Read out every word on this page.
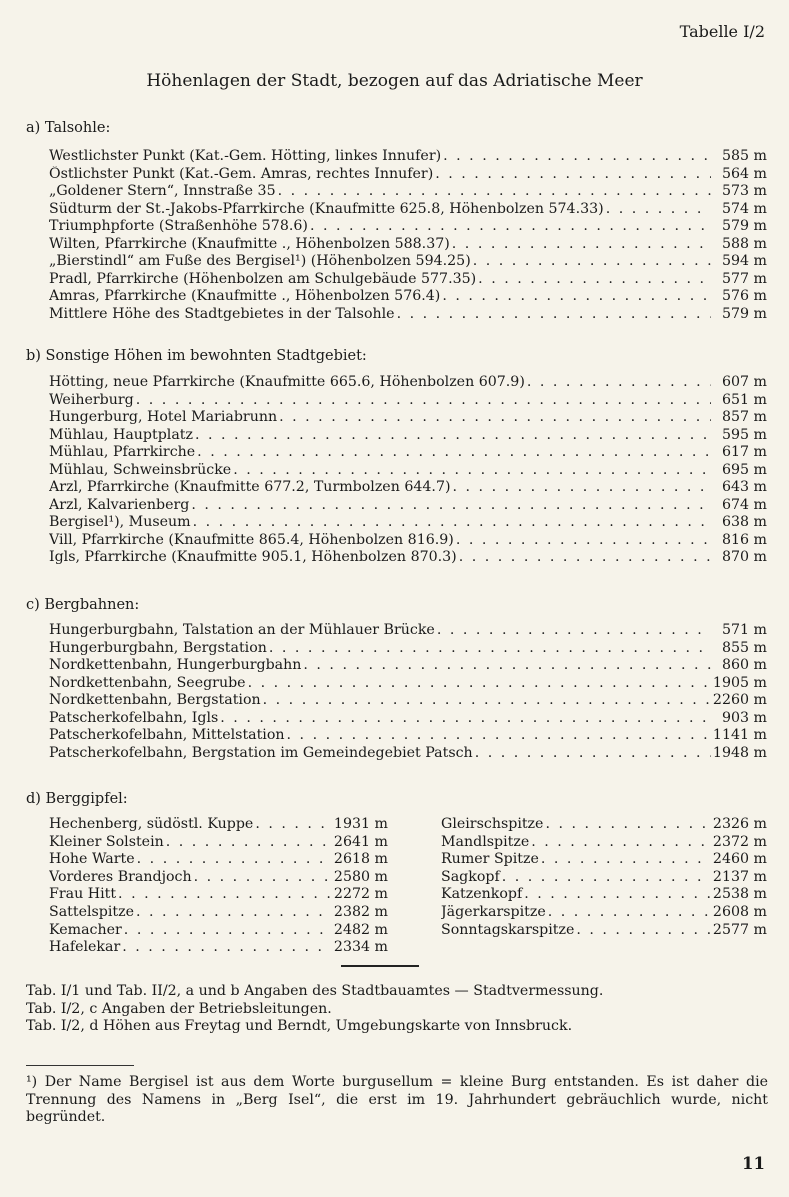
Tabelle I/2
Höhenlagen der Stadt, bezogen auf das Adriatische Meer
a) Talsohle:
Westlichster Punkt (Kat.-Gem. Hötting, linkes Innufer) . . .	585 m
Östlichster Punkt (Kat.-Gem. Amras, rechtes Innufer) . . .	564 m
„Goldener Stern“, Innstraße 35 . . .	573 m
Südturm der St.-Jakobs-Pfarrkirche (Knaufmitte 625.8, Höhenbolzen 574.33) . . .	574 m
Triumphpforte (Straßenhöhe 578.6) . . .	579 m
Wilten, Pfarrkirche (Knaufmitte ., Höhenbolzen 588.37) . . .	588 m
„Bierstindl“ am Fuße des Bergisel¹) (Höhenbolzen 594.25) . . .	594 m
Pradl, Pfarrkirche (Höhenbolzen am Schulgebäude 577.35) . . .	577 m
Amras, Pfarrkirche (Knaufmitte ., Höhenbolzen 576.4) . . .	576 m
Mittlere Höhe des Stadtgebietes in der Talsohle . . .	579 m
b) Sonstige Höhen im bewohnten Stadtgebiet:
Hötting, neue Pfarrkirche (Knaufmitte 665.6, Höhenbolzen 607.9) . . .	607 m
Weiherburg . . .	651 m
Hungerburg, Hotel Mariabrunn . . .	857 m
Mühlau, Hauptplatz . . .	595 m
Mühlau, Pfarrkirche . . .	617 m
Mühlau, Schweinsbrücke . . .	695 m
Arzl, Pfarrkirche (Knaufmitte 677.2, Turmbolzen 644.7) . . .	643 m
Arzl, Kalvarienberg . . .	674 m
Bergisel¹), Museum . . .	638 m
Vill, Pfarrkirche (Knaufmitte 865.4, Höhenbolzen 816.9) . . .	816 m
Igls, Pfarrkirche (Knaufmitte 905.1, Höhenbolzen 870.3) . . .	870 m
c) Bergbahnen:
Hungerburgbahn, Talstation an der Mühlauer Brücke . . .	571 m
Hungerburgbahn, Bergstation . . .	855 m
Nordkettenbahn, Hungerburgbahn . . .	860 m
Nordkettenbahn, Seegrube . . .	1905 m
Nordkettenbahn, Bergstation . . .	2260 m
Patscherkofelbahn, Igls . . .	903 m
Patscherkofelbahn, Mittelstation . . .	1141 m
Patscherkofelbahn, Bergstation im Gemeindegebiet Patsch . . .	1948 m
d) Berggipfel:
Hechenberg, südöstl. Kuppe . . .	1931 m
Kleiner Solstein . . .	2641 m
Hohe Warte . . .	2618 m
Vorderes Brandjoch . . .	2580 m
Frau Hitt . . .	2272 m
Sattelspitze . . .	2382 m
Kemacher . . .	2482 m
Hafelekar . . .	2334 m
Gleirschspitze . . .	2326 m
Mandlspitze . . .	2372 m
Rumer Spitze . . .	2460 m
Sagkopf . . .	2137 m
Katzenkopf . . .	2538 m
Jägerkarspitze . . .	2608 m
Sonntagskarspitze . . .	2577 m
Tab. I/1 und Tab. II/2, a und b Angaben des Stadtbauamtes — Stadtvermessung.
Tab. I/2, c Angaben der Betriebsleitungen.
Tab. I/2, d Höhen aus Freytag und Berndt, Umgebungskarte von Innsbruck.
¹) Der Name Bergisel ist aus dem Worte burgusellum = kleine Burg entstanden. Es ist daher die Trennung des Namens in „Berg Isel“, die erst im 19. Jahrhundert gebräuchlich wurde, nicht begründet.
11
